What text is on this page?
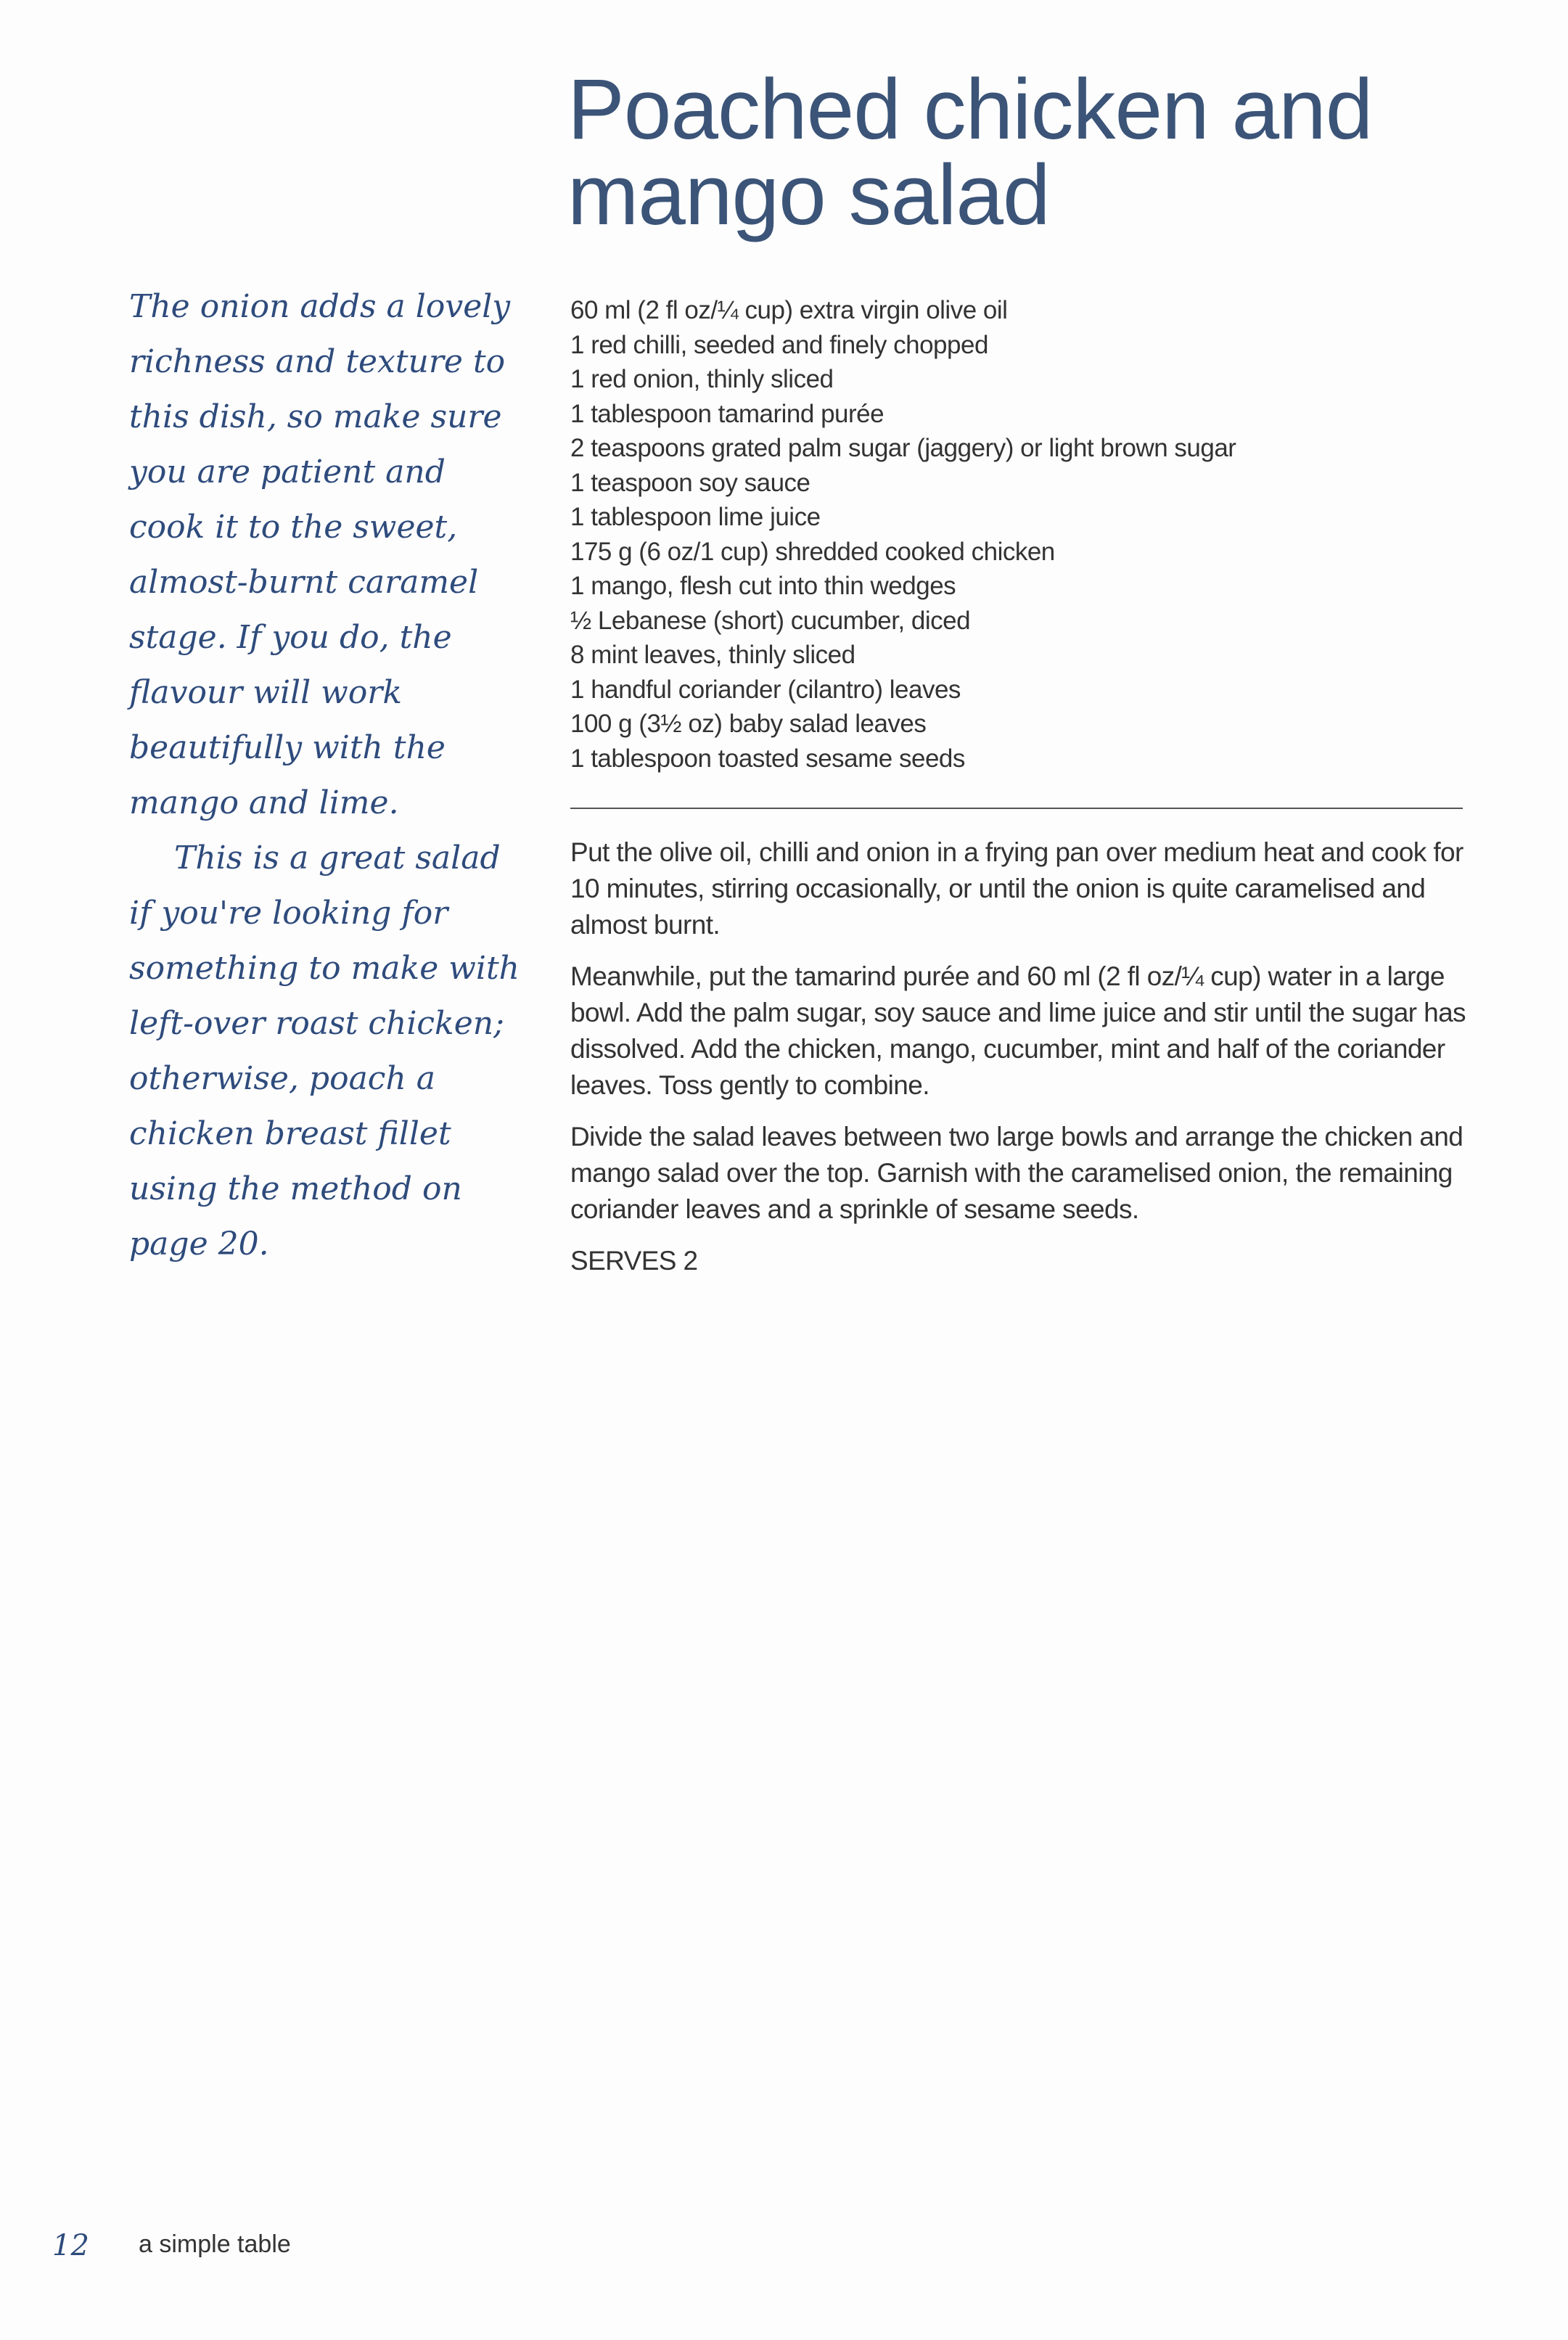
Poached chicken and
mango salad
The onion adds a lovely
richness and texture to
this dish, so make sure
you are patient and
cook it to the sweet,
almost-burnt caramel
stage. If you do, the
flavour will work
beautifully with the
mango and lime.
This is a great salad
if you're looking for
something to make with
left-over roast chicken;
otherwise, poach a
chicken breast fillet
using the method on
page 20.
60 ml (2 fl oz/¼ cup) extra virgin olive oil
1 red chilli, seeded and finely chopped
1 red onion, thinly sliced
1 tablespoon tamarind purée
2 teaspoons grated palm sugar (jaggery) or light brown sugar
1 teaspoon soy sauce
1 tablespoon lime juice
175 g (6 oz/1 cup) shredded cooked chicken
1 mango, flesh cut into thin wedges
½ Lebanese (short) cucumber, diced
8 mint leaves, thinly sliced
1 handful coriander (cilantro) leaves
100 g (3½ oz) baby salad leaves
1 tablespoon toasted sesame seeds

Put the olive oil, chilli and onion in a frying pan over medium heat and cook for 10 minutes, stirring occasionally, or until the onion is quite caramelised and almost burnt.

Meanwhile, put the tamarind purée and 60 ml (2 fl oz/¼ cup) water in a large bowl. Add the palm sugar, soy sauce and lime juice and stir until the sugar has dissolved. Add the chicken, mango, cucumber, mint and half of the coriander leaves. Toss gently to combine.

Divide the salad leaves between two large bowls and arrange the chicken and mango salad over the top. Garnish with the caramelised onion, the remaining coriander leaves and a sprinkle of sesame seeds.

SERVES 2
12 a simple table
